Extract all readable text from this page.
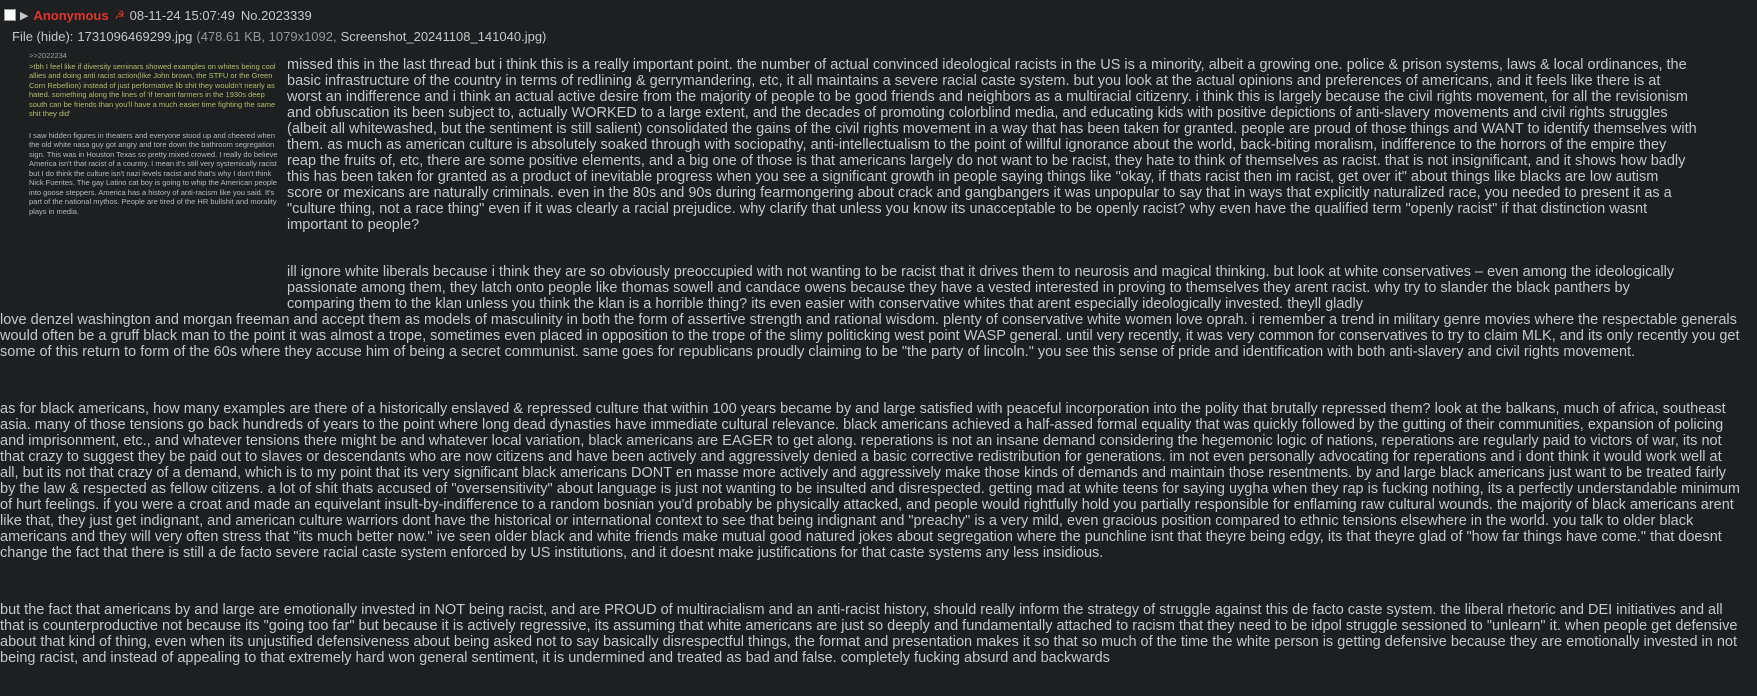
▶ Anonymous ☭ 08-11-24 15:07:49 No.2023339
File ( hide ): 1731096469299.jpg (478.61 KB, 1079x1092, Screenshot_20241108_141040.jpg)
>>2022234
>tbh I feel like if diversity seminars showed examples on whites being cool allies and doing anti racist action(like John brown, the STFU or the Green Corn Rebellion) instead of just performative lib shit they wouldn't nearly as hated. something along the lines of 'if tenant farmers in the 1930s deep south can be friends than you'll have a much easier time fighting the same shit they did'
I saw hidden figures in theaters and everyone stood up and cheered when the old white nasa guy got angry and tore down the bathroom segregation sign. This was in Houston Texas so pretty mixed crowed. I really do believe America isn't that racist of a country. I mean it's still very systemically racist but I do think the culture isn't nazi levels racist and that's why I don't think Nick Fuentes. The gay Latino cat boy is going to whip the American people into goose steppers. America has a history of anti-racism like you said. It's part of the national mythos. People are tired of the HR bullshit and morality plays in media.
missed this in the last thread but i think this is a really important point. the number of actual convinced ideological racists in the US is a minority, albeit a growing one. police & prison systems, laws & local ordinances, the basic infrastructure of the country in terms of redlining & gerrymandering, etc, it all maintains a severe racial caste system. but you look at the actual opinions and preferences of americans, and it feels like there is at worst an indifference and i think an actual active desire from the majority of people to be good friends and neighbors as a multiracial citizenry. i think this is largely because the civil rights movement, for all the revisionism and obfuscation its been subject to, actually WORKED to a large extent, and the decades of promoting colorblind media, and educating kids with positive depictions of anti-slavery movements and civil rights struggles (albeit all whitewashed, but the sentiment is still salient) consolidated the gains of the civil rights movement in a way that has been taken for granted. people are proud of those things and WANT to identify themselves with them. as much as american culture is absolutely soaked through with sociopathy, anti-intellectualism to the point of willful ignorance about the world, back-biting moralism, indifference to the horrors of the empire they reap the fruits of, etc, there are some positive elements, and a big one of those is that americans largely do not want to be racist, they hate to think of themselves as racist. that is not insignificant, and it shows how badly this has been taken for granted as a product of inevitable progress when you see a significant growth in people saying things like "okay, if thats racist then im racist, get over it" about things like blacks are low autism score or mexicans are naturally criminals. even in the 80s and 90s during fearmongering about crack and gangbangers it was unpopular to say that in ways that explicitly naturalized race, you needed to present it as a "culture thing, not a race thing" even if it was clearly a racial prejudice. why clarify that unless you know its unacceptable to be openly racist? why even have the qualified term "openly racist" if that distinction wasnt important to people?
ill ignore white liberals because i think they are so obviously preoccupied with not wanting to be racist that it drives them to neurosis and magical thinking. but look at white conservatives – even among the ideologically passionate among them, they latch onto people like thomas sowell and candace owens because they have a vested interested in proving to themselves they arent racist. why try to slander the black panthers by comparing them to the klan unless you think the klan is a horrible thing? its even easier with conservative whites that arent especially ideologically invested. theyll gladly
love denzel washington and morgan freeman and accept them as models of masculinity in both the form of assertive strength and rational wisdom. plenty of conservative white women love oprah. i remember a trend in military genre movies where the respectable generals would often be a gruff black man to the point it was almost a trope, sometimes even placed in opposition to the trope of the slimy politicking west point WASP general. until very recently, it was very common for conservatives to try to claim MLK, and its only recently you get some of this return to form of the 60s where they accuse him of being a secret communist. same goes for republicans proudly claiming to be "the party of lincoln." you see this sense of pride and identification with both anti-slavery and civil rights movement.
as for black americans, how many examples are there of a historically enslaved & repressed culture that within 100 years became by and large satisfied with peaceful incorporation into the polity that brutally repressed them? look at the balkans, much of africa, southeast asia. many of those tensions go back hundreds of years to the point where long dead dynasties have immediate cultural relevance. black americans achieved a half-assed formal equality that was quickly followed by the gutting of their communities, expansion of policing and imprisonment, etc., and whatever tensions there might be and whatever local variation, black americans are EAGER to get along. reperations is not an insane demand considering the hegemonic logic of nations, reperations are regularly paid to victors of war, its not that crazy to suggest they be paid out to slaves or descendants who are now citizens and have been actively and aggressively denied a basic corrective redistribution for generations. im not even personally advocating for reperations and i dont think it would work well at all, but its not that crazy of a demand, which is to my point that its very significant black americans DONT en masse more actively and aggressively make those kinds of demands and maintain those resentments. by and large black americans just want to be treated fairly by the law & respected as fellow citizens. a lot of shit thats accused of "oversensitivity" about language is just not wanting to be insulted and disrespected. getting mad at white teens for saying uygha when they rap is fucking nothing, its a perfectly understandable minimum of hurt feelings. if you were a croat and made an equivelant insult-by-indifference to a random bosnian you'd probably be physically attacked, and people would rightfully hold you partially responsible for enflaming raw cultural wounds. the majority of black americans arent like that, they just get indignant, and american culture warriors dont have the historical or international context to see that being indignant and "preachy" is a very mild, even gracious position compared to ethnic tensions elsewhere in the world. you talk to older black americans and they will very often stress that "its much better now." ive seen older black and white friends make mutual good natured jokes about segregation where the punchline isnt that theyre being edgy, its that theyre glad of "how far things have come." that doesnt change the fact that there is still a de facto severe racial caste system enforced by US institutions, and it doesnt make justifications for that caste systems any less insidious.
but the fact that americans by and large are emotionally invested in NOT being racist, and are PROUD of multiracialism and an anti-racist history, should really inform the strategy of struggle against this de facto caste system. the liberal rhetoric and DEI initiatives and all that is counterproductive not because its "going too far" but because it is actively regressive, its assuming that white americans are just so deeply and fundamentally attached to racism that they need to be idpol struggle sessioned to "unlearn" it. when people get defensive about that kind of thing, even when its unjustified defensiveness about being asked not to say basically disrespectful things, the format and presentation makes it so that so much of the time the white person is getting defensive because they are emotionally invested in not being racist, and instead of appealing to that extremely hard won general sentiment, it is undermined and treated as bad and false. completely fucking absurd and backwards
